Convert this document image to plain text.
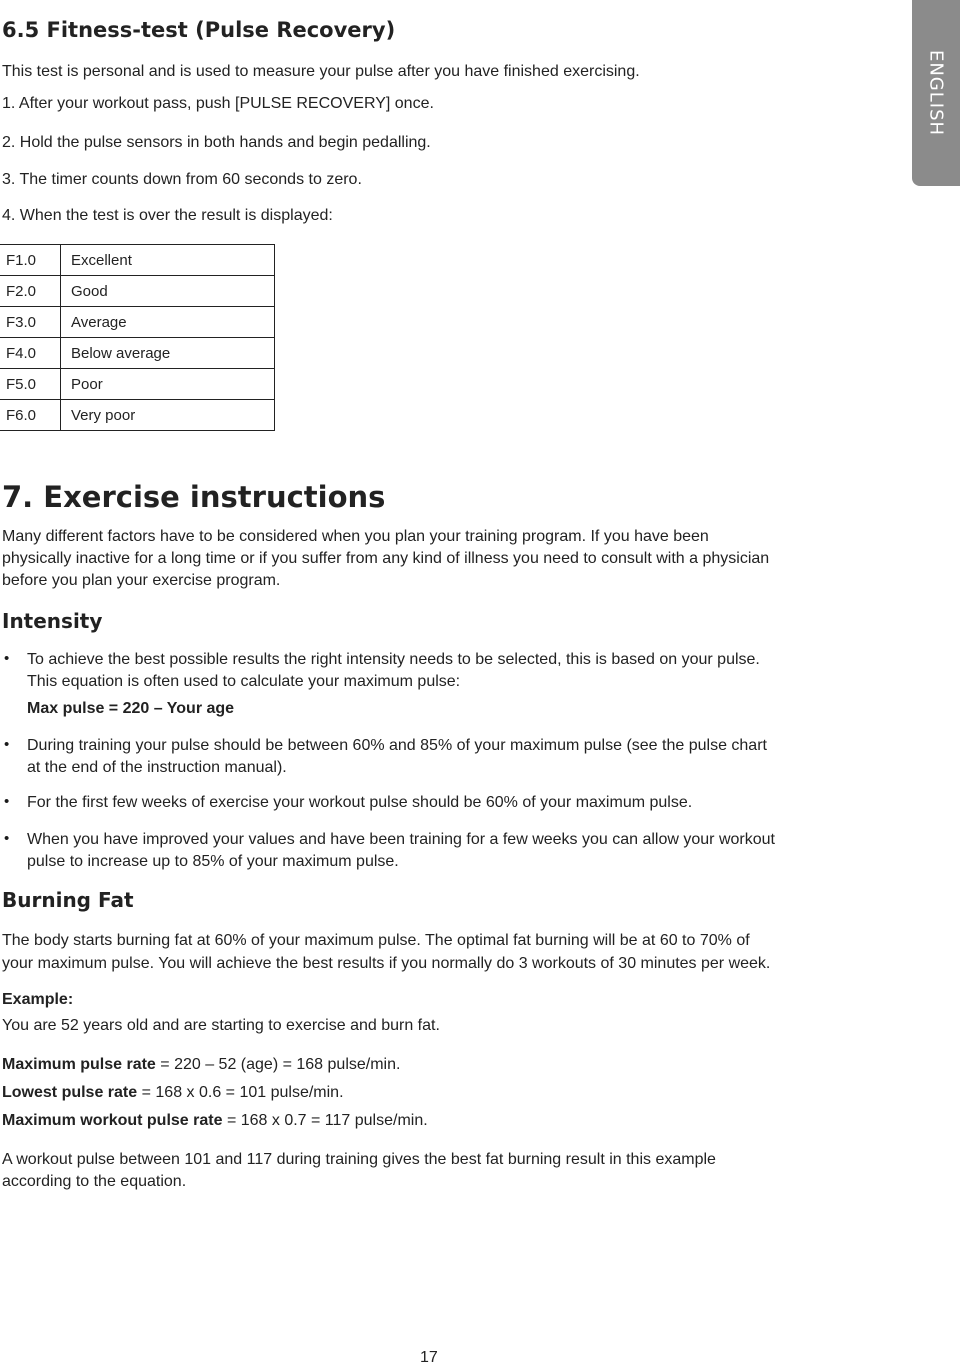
ENGLISH
6.5 Fitness-test (Pulse Recovery)
This test is personal and is used to measure your pulse after you have finished exercising.
1. After your workout pass, push [PULSE RECOVERY] once.
2. Hold the pulse sensors in both hands and begin pedalling.
3. The timer counts down from 60 seconds to zero.
4. When the test is over the result is displayed:
F1.0	Excellent
F2.0	Good
F3.0	Average
F4.0	Below average
F5.0	Poor
F6.0	Very poor
7. Exercise instructions
Many different factors have to be considered when you plan your training program. If you have been
physically inactive for a long time or if you suffer from any kind of illness you need to consult with a physician
before you plan your exercise program.
Intensity
• To achieve the best possible results the right intensity needs to be selected, this is based on your pulse.
This equation is often used to calculate your maximum pulse:
Max pulse = 220 – Your age
• During training your pulse should be between 60% and 85% of your maximum pulse (see the pulse chart
at the end of the instruction manual).
• For the first few weeks of exercise your workout pulse should be 60% of your maximum pulse.
• When you have improved your values and have been training for a few weeks you can allow your workout
pulse to increase up to 85% of your maximum pulse.
Burning Fat
The body starts burning fat at 60% of your maximum pulse. The optimal fat burning will be at 60 to 70% of
your maximum pulse. You will achieve the best results if you normally do 3 workouts of 30 minutes per week.
Example:
You are 52 years old and are starting to exercise and burn fat.
Maximum pulse rate = 220 – 52 (age) = 168 pulse/min.
Lowest pulse rate = 168 x 0.6 = 101 pulse/min.
Maximum workout pulse rate = 168 x 0.7 = 117 pulse/min.
A workout pulse between 101 and 117 during training gives the best fat burning result in this example
according to the equation.
17
